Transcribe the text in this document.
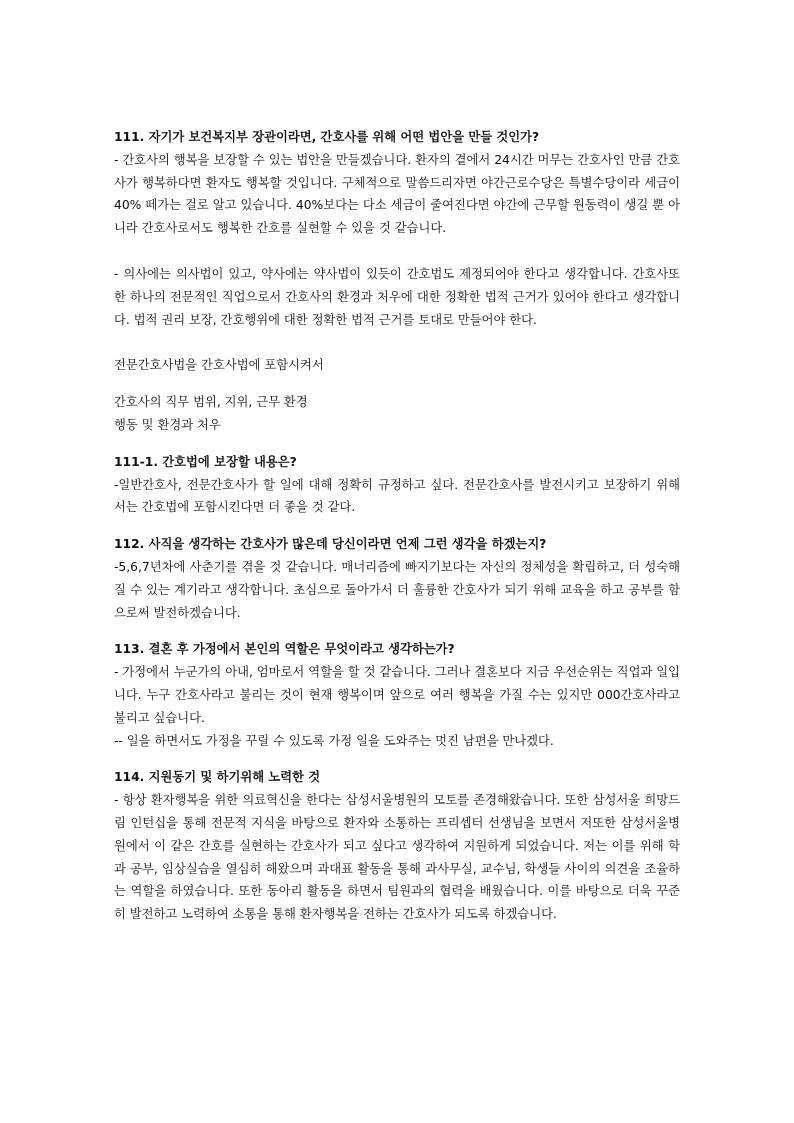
111. 자기가 보건복지부 장관이라면, 간호사를 위해 어떤 법안을 만들 것인가?

- 간호사의 행복을 보장할 수 있는 법안을 만들겠습니다. 환자의 곁에서 24시간 머무는 간호사인 만큼 간호사가 행복하다면 환자도 행복할 것입니다. 구체적으로 말씀드리자면 야간근로수당은 특별수당이라 세금이 40% 떼가는 걸로 알고 있습니다. 40%보다는 다소 세금이 줄여진다면 야간에 근무할 원동력이 생길 뿐 아니라 간호사로서도 행복한 간호를 실현할 수 있을 것 같습니다.

- 의사에는 의사법이 있고, 약사에는 약사법이 있듯이 간호법도 제정되어야 한다고 생각합니다. 간호사또한 하나의 전문적인 직업으로서 간호사의 환경과 처우에 대한 정확한 법적 근거가 있어야 한다고 생각합니다. 법적 권리 보장, 간호행위에 대한 정확한 법적 근거를 토대로 만들어야 한다.

전문간호사법을 간호사법에 포함시켜서

간호사의 직무 범위, 지위, 근무 환경

행동 및 환경과 처우

111-1. 간호법에 보장할 내용은?

-일반간호사, 전문간호사가 할 일에 대해 정확히 규정하고 싶다. 전문간호사를 발전시키고 보장하기 위해서는 간호법에 포함시킨다면 더 좋을 것 같다.

112. 사직을 생각하는 간호사가 많은데 당신이라면 언제 그런 생각을 하겠는지?

-5,6,7년차에 사춘기를 겪을 것 같습니다. 매너리즘에 빠지기보다는 자신의 정체성을 확립하고, 더 성숙해질 수 있는 계기라고 생각합니다. 초심으로 돌아가서 더 훌륭한 간호사가 되기 위해 교육을 하고 공부를 함으로써 발전하겠습니다.

113. 결혼 후 가정에서 본인의 역할은 무엇이라고 생각하는가?

- 가정에서 누군가의 아내, 엄마로서 역할을 할 것 같습니다. 그러나 결혼보다 지금 우선순위는 직업과 일입니다. 누구 간호사라고 불리는 것이 현재 행복이며 앞으로 여러 행복을 가질 수는 있지만 000간호사라고 불리고 싶습니다.

-- 일을 하면서도 가정을 꾸릴 수 있도록 가정 일을 도와주는 멋진 남편을 만나겠다.

114. 지원동기 및 하기위해 노력한 것

- 항상 환자행복을 위한 의료혁신을 한다는 삼성서울병원의 모토를 존경해왔습니다. 또한 삼성서울 희망드림 인턴십을 통해 전문적 지식을 바탕으로 환자와 소통하는 프리셉터 선생님을 보면서 저또한 삼성서울병원에서 이 같은 간호를 실현하는 간호사가 되고 싶다고 생각하여 지원하게 되었습니다. 저는 이를 위해 학과 공부, 임상실습을 열심히 해왔으며 과대표 활동을 통해 과사무실, 교수님, 학생들 사이의 의견을 조율하는 역할을 하였습니다. 또한 동아리 활동을 하면서 팀원과의 협력을 배웠습니다. 이를 바탕으로 더욱 꾸준히 발전하고 노력하여 소통을 통해 환자행복을 전하는 간호사가 되도록 하겠습니다.
